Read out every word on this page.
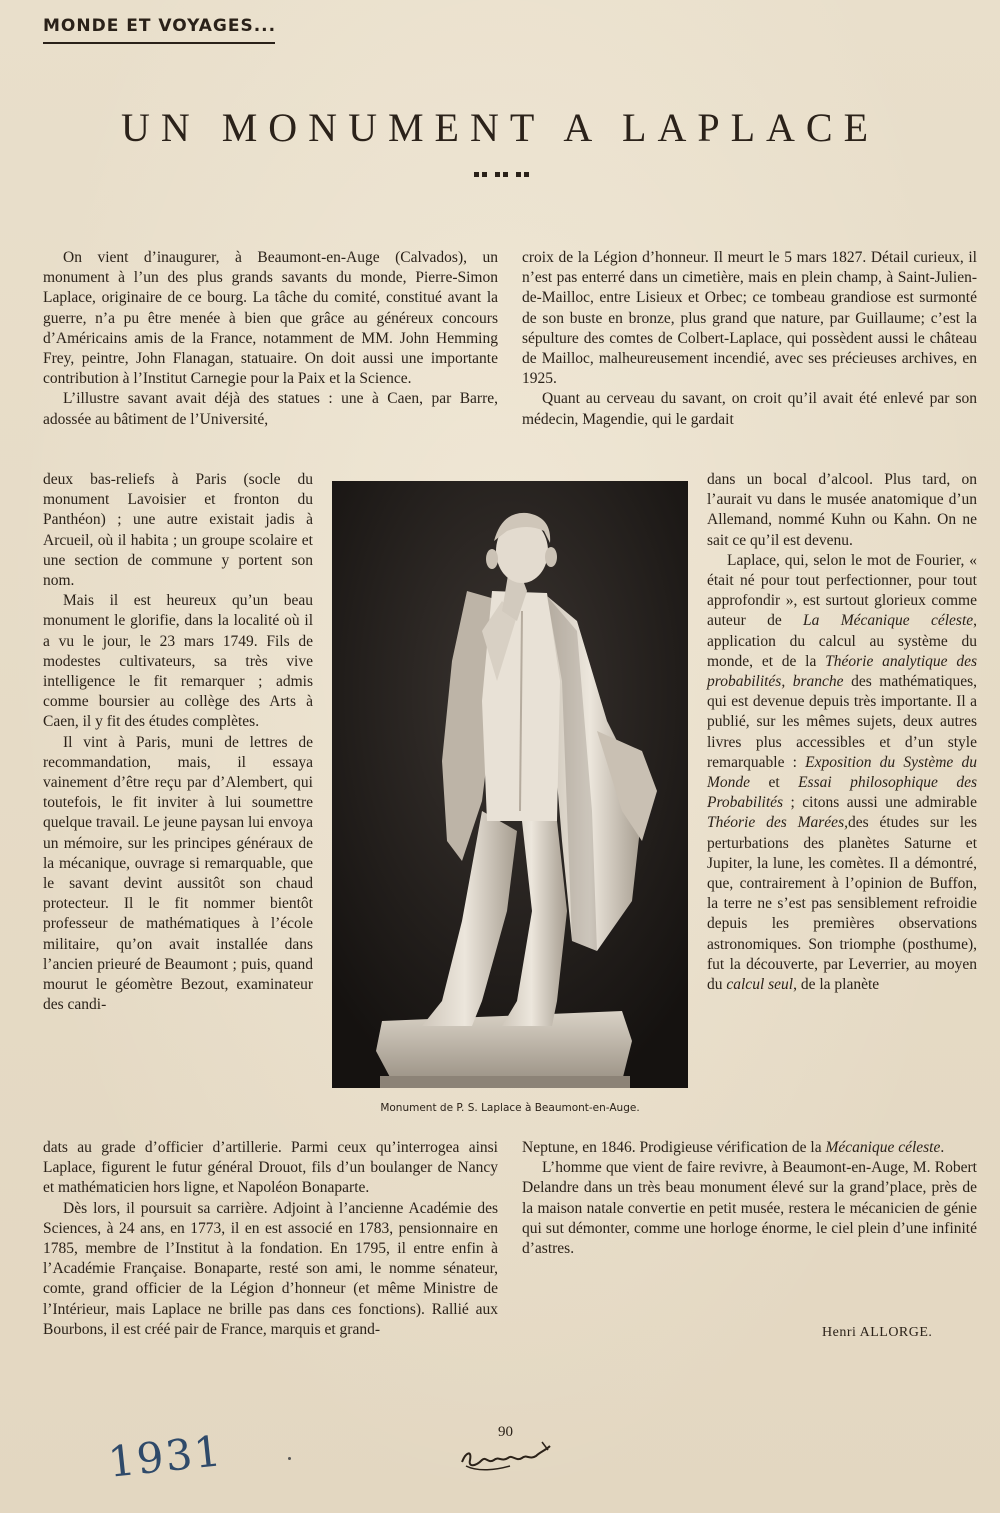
MONDE ET VOYAGES...
UN MONUMENT A LAPLACE

On vient d’inaugurer, à Beaumont-en-Auge (Calvados), un monument à l’un des plus grands savants du monde, Pierre-Simon Laplace, originaire de ce bourg. La tâche du comité, constitué avant la guerre, n’a pu être menée à bien que grâce au généreux concours d’Américains amis de la France, notamment de MM. John Hemming Frey, peintre, John Flanagan, statuaire. On doit aussi une importante contribution à l’Institut Carnegie pour la Paix et la Science.

L’illustre savant avait déjà des statues : une à Caen, par Barre, adossée au bâtiment de l’Université,

deux bas-reliefs à Paris (socle du monument Lavoisier et fronton du Panthéon) ; une autre existait jadis à Arcueil, où il habita ; un groupe scolaire et une section de commune y portent son nom.

Mais il est heureux qu’un beau monument le glorifie, dans la localité où il a vu le jour, le 23 mars 1749. Fils de modestes cultivateurs, sa très vive intelligence le fit remarquer ; admis comme boursier au collège des Arts à Caen, il y fit des études complètes.

Il vint à Paris, muni de lettres de recommandation, mais, il essaya vainement d’être reçu par d’Alembert, qui toutefois, le fit inviter à lui soumettre quelque travail. Le jeune paysan lui envoya un mémoire, sur les principes généraux de la mécanique, ouvrage si remarquable, que le savant devint aussitôt son chaud protecteur. Il le fit nommer bientôt professeur de mathématiques à l’école militaire, qu’on avait installée dans l’ancien prieuré de Beaumont ; puis, quand mourut le géomètre Bezout, examinateur des candi-

dats au grade d’officier d’artillerie. Parmi ceux qu’interrogea ainsi Laplace, figurent le futur général Drouot, fils d’un boulanger de Nancy et mathématicien hors ligne, et Napoléon Bonaparte.

Dès lors, il poursuit sa carrière. Adjoint à l’ancienne Académie des Sciences, à 24 ans, en 1773, il en est associé en 1783, pensionnaire en 1785, membre de l’Institut à la fondation. En 1795, il entre enfin à l’Académie Française. Bonaparte, resté son ami, le nomme sénateur, comte, grand officier de la Légion d’honneur (et même Ministre de l’Intérieur, mais Laplace ne brille pas dans ces fonctions). Rallié aux Bourbons, il est créé pair de France, marquis et grand-

croix de la Légion d’honneur. Il meurt le 5 mars 1827. Détail curieux, il n’est pas enterré dans un cimetière, mais en plein champ, à Saint-Julien-de-Mailloc, entre Lisieux et Orbec; ce tombeau grandiose est surmonté de son buste en bronze, plus grand que nature, par Guillaume; c’est la sépulture des comtes de Colbert-Laplace, qui possèdent aussi le château de Mailloc, malheureusement incendié, avec ses précieuses archives, en 1925.

Quant au cerveau du savant, on croit qu’il avait été enlevé par son médecin, Magendie, qui le gardait

dans un bocal d’alcool. Plus tard, on l’aurait vu dans le musée anatomique d’un Allemand, nommé Kuhn ou Kahn. On ne sait ce qu’il est devenu.

Laplace, qui, selon le mot de Fourier, « était né pour tout perfectionner, pour tout approfondir », est surtout glorieux comme auteur de La Mécanique céleste, application du calcul au système du monde, et de la Théorie analytique des probabilités, branche des mathématiques, qui est devenue depuis très importante. Il a publié, sur les mêmes sujets, deux autres livres plus accessibles et d’un style remarquable : Exposition du Système du Monde et Essai philosophique des Probabilités ; citons aussi une admirable Théorie des Marées,des études sur les perturbations des planètes Saturne et Jupiter, la lune, les comètes. Il a démontré, que, contrairement à l’opinion de Buffon, la terre ne s’est pas sensiblement refroidie depuis les premières observations astronomiques. Son triomphe (posthume), fut la découverte, par Leverrier, au moyen du calcul seul, de la planète

Neptune, en 1846. Prodigieuse vérification de la Mécanique céleste.

L’homme que vient de faire revivre, à Beaumont-en-Auge, M. Robert Delandre dans un très beau monument élevé sur la grand’place, près de la maison natale convertie en petit musée, restera le mécanicien de génie qui sut démonter, comme une horloge énorme, le ciel plein d’une infinité d’astres.

Monument de P. S. Laplace à Beaumont-en-Auge.
Henri ALLORGE.
90
1931
